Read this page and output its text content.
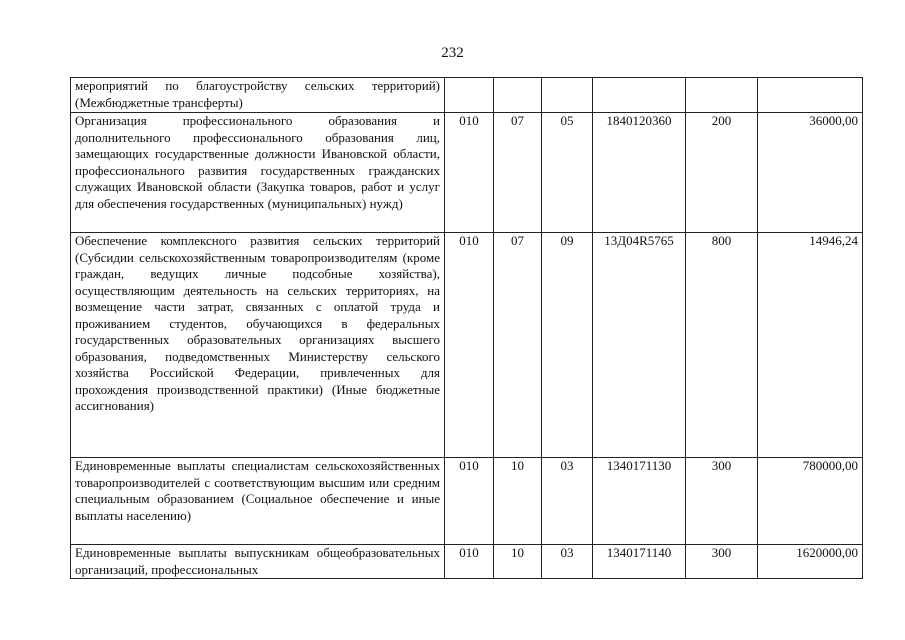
232
мероприятий по благоустройству сельских территорий) (Межбюджетные трансферты)						
Организация профессионального образования и дополнительного профессионального образования лиц, замещающих государственные должности Ивановской области, профессионального развития государственных гражданских служащих Ивановской области (Закупка товаров, работ и услуг для обеспечения государственных (муниципальных) нужд)	010	07	05	1840120360	200	36000,00
Обеспечение комплексного развития сельских территорий (Субсидии сельскохозяйственным товаропроизводителям (кроме граждан, ведущих личные подсобные хозяйства), осуществляющим деятельность на сельских территориях, на возмещение части затрат, связанных с оплатой труда и проживанием студентов, обучающихся в федеральных государственных образовательных организациях высшего образования, подведомственных Министерству сельского хозяйства Российской Федерации, привлеченных для прохождения производственной практики) (Иные бюджетные ассигнования)	010	07	09	13Д04R5765	800	14946,24
Единовременные выплаты специалистам сельскохозяйственных товаропроизводителей с соответствующим высшим или средним специальным образованием (Социальное обеспечение и иные выплаты населению)	010	10	03	1340171130	300	780000,00
Единовременные выплаты выпускникам общеобразовательных организаций, профессиональных	010	10	03	1340171140	300	1620000,00
